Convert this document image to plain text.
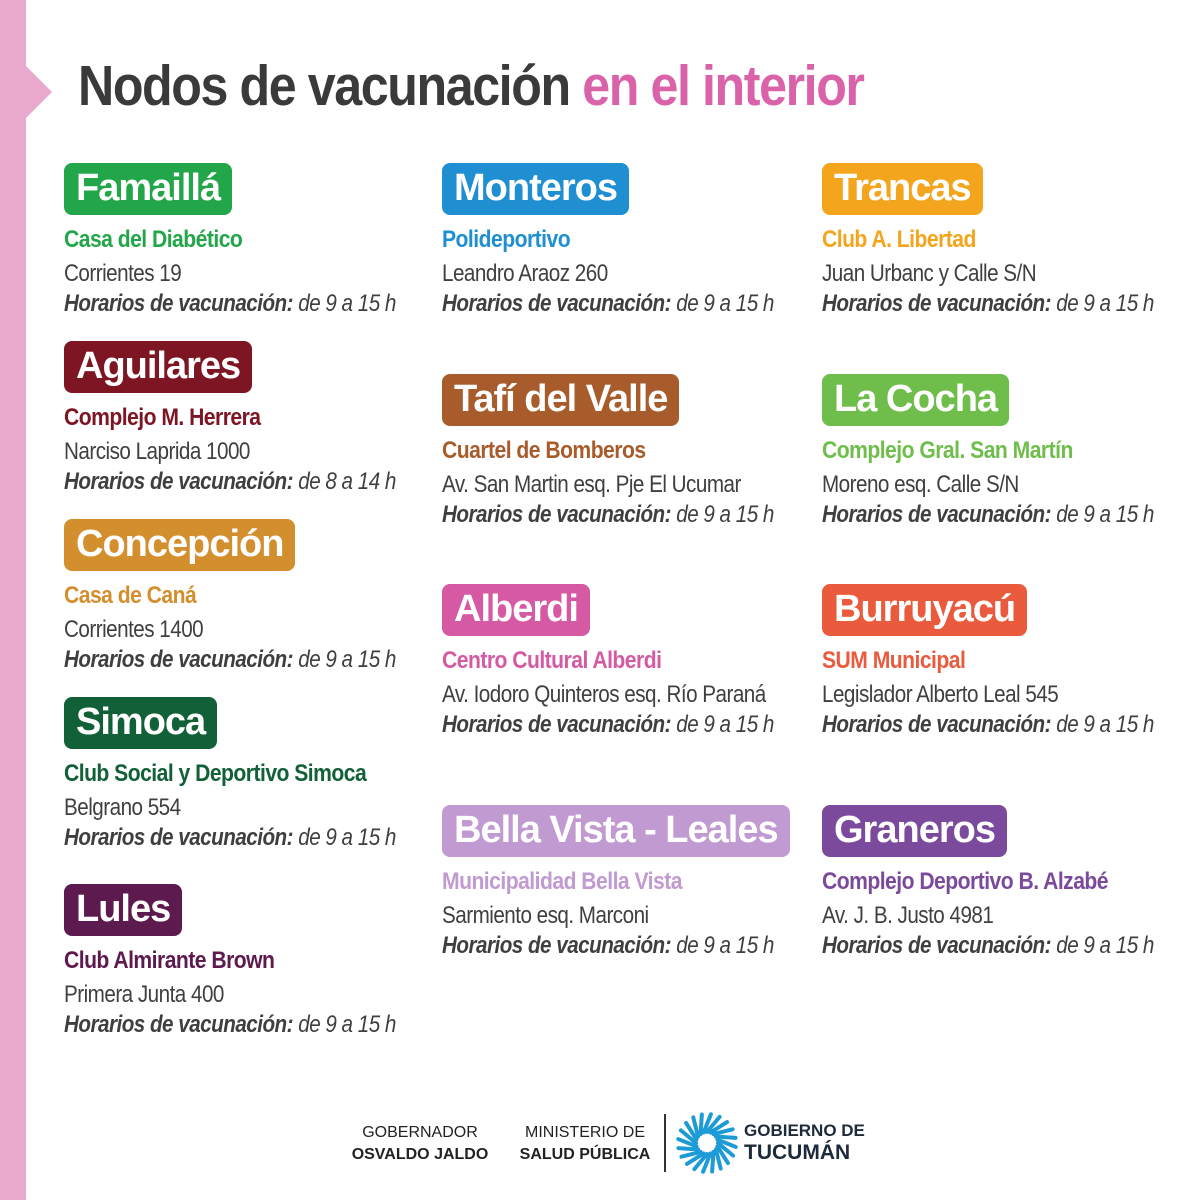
Nodos de vacunación en el interior
Famaillá
Casa del Diabético
Corrientes 19
Horarios de vacunación: de 9 a 15 h
Aguilares
Complejo M. Herrera
Narciso Laprida 1000
Horarios de vacunación: de 8 a 14 h
Concepción
Casa de Caná
Corrientes 1400
Horarios de vacunación: de 9 a 15 h
Simoca
Club Social y Deportivo Simoca
Belgrano 554
Horarios de vacunación: de 9 a 15 h
Lules
Club Almirante Brown
Primera Junta 400
Horarios de vacunación: de 9 a 15 h
Monteros
Polideportivo
Leandro Araoz 260
Horarios de vacunación: de 9 a 15 h
Tafí del Valle
Cuartel de Bomberos
Av. San Martin esq. Pje El Ucumar
Horarios de vacunación: de 9 a 15 h
Alberdi
Centro Cultural Alberdi
Av. Iodoro Quinteros esq. Río Paraná
Horarios de vacunación: de 9 a 15 h
Bella Vista - Leales
Municipalidad Bella Vista
Sarmiento esq. Marconi
Horarios de vacunación: de 9 a 15 h
Trancas
Club A. Libertad
Juan Urbanc y Calle S/N
Horarios de vacunación: de 9 a 15 h
La Cocha
Complejo Gral. San Martín
Moreno esq. Calle S/N
Horarios de vacunación: de 9 a 15 h
Burruyacú
SUM Municipal
Legislador Alberto Leal 545
Horarios de vacunación: de 9 a 15 h
Graneros
Complejo Deportivo B. Alzabé
Av. J. B. Justo 4981
Horarios de vacunación: de 9 a 15 h
GOBERNADOR
OSVALDO JALDO
MINISTERIO DE
SALUD PÚBLICA
GOBIERNO DE
TUCUMÁN
